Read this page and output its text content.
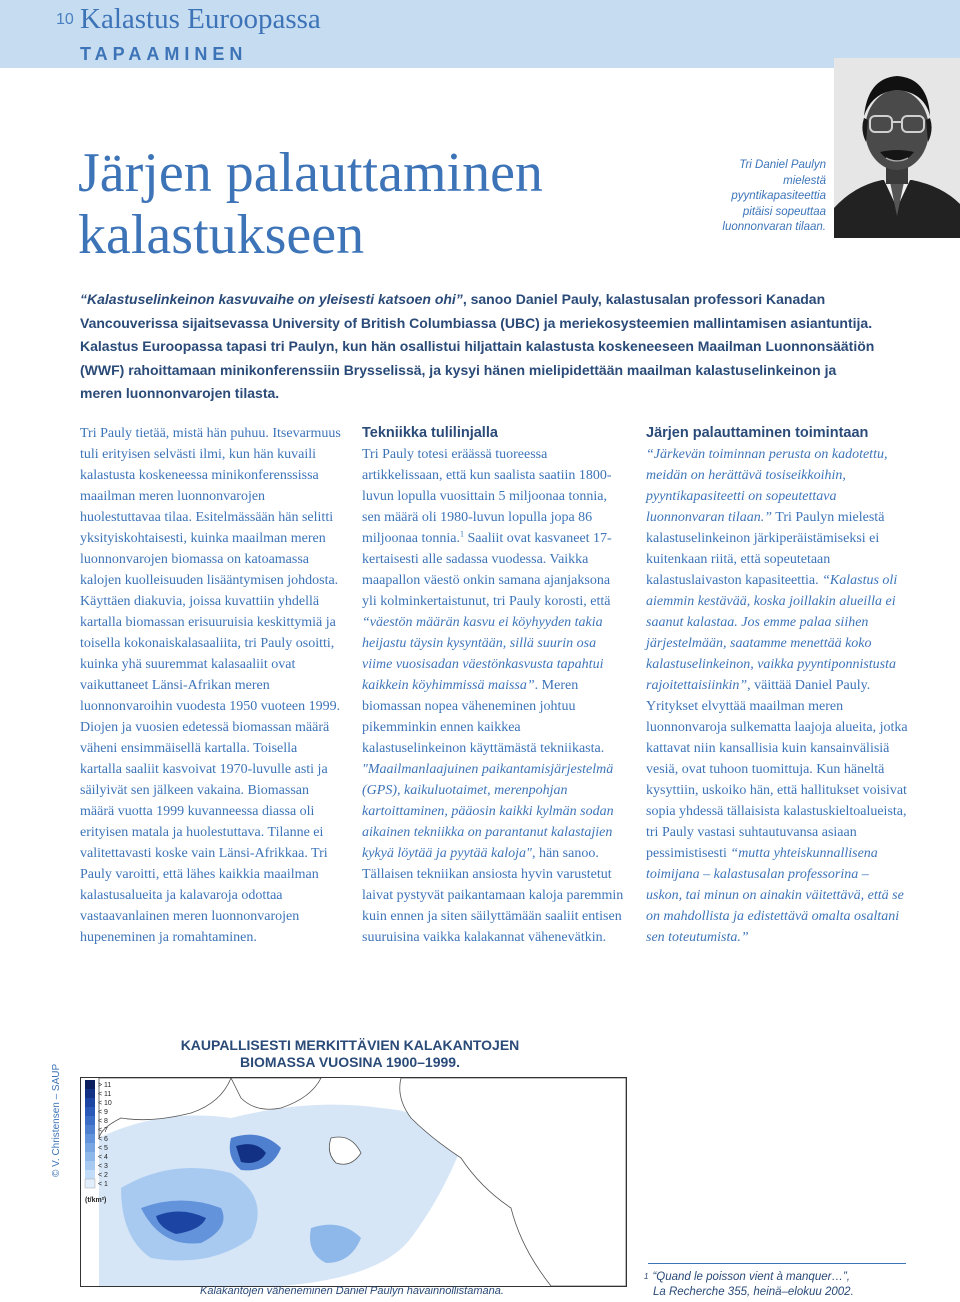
10 Kalastus Euroopassa
TAPAAMINEN
Järjen palauttaminen
kalastukseen
Tri Daniel Paulyn
mielestä
pyyntikapasiteettia
pitäisi sopeuttaa
luonnonvaran tilaan.
“Kalastuselinkeinon kasvuvaihe on yleisesti katsoen ohi”, sanoo Daniel Pauly, kalastusalan professori Kanadan Vancouverissa sijaitsevassa University of British Columbiassa (UBC) ja meriekosysteemien mallintamisen asiantuntija. Kalastus Euroopassa tapasi tri Paulyn, kun hän osallistui hiljattain kalastusta koskeneeseen Maailman Luonnonsäätiön (WWF) rahoittamaan minikonferenssiin Brysselissä, ja kysyi hänen mielipidettään maailman kalastuselinkeinon ja meren luonnonvarojen tilasta.

Tri Pauly tietää, mistä hän puhuu. Itsevarmuus tuli erityisen selvästi ilmi, kun hän kuvaili kalastusta koskeneessa minikonferenssissa maailman meren luonnonvarojen huolestuttavaa tilaa. Esitelmässään hän selitti yksityiskohtaisesti, kuinka maailman meren luonnonvarojen biomassa on katoamassa kalojen kuolleisuuden lisääntymisen johdosta. Käyttäen diakuvia, joissa kuvattiin yhdellä kartalla biomassan erisuuruisia keskittymiä ja toisella kokonaiskalasaaliita, tri Pauly osoitti, kuinka yhä suuremmat kalasaaliit ovat vaikuttaneet Länsi-Afrikan meren luonnonvaroihin vuodesta 1950 vuoteen 1999. Diojen ja vuosien edetessä biomassan määrä väheni ensimmäisellä kartalla. Toisella kartalla saaliit kasvoivat 1970-luvulle asti ja säilyivät sen jälkeen vakaina. Biomassan määrä vuotta 1999 kuvanneessa diassa oli erityisen matala ja huolestuttava. Tilanne ei valitettavasti koske vain Länsi-Afrikkaa. Tri Pauly varoitti, että lähes kaikkia maailman kalastusalueita ja kalavaroja odottaa vastaavanlainen meren luonnonvarojen hupeneminen ja romahtaminen.

Tekniikka tulilinjalla

Tri Pauly totesi eräässä tuoreessa artikkelissaan, että kun saalista saatiin 1800-luvun lopulla vuosittain 5 miljoonaa tonnia, sen määrä oli 1980-luvun lopulla jopa 86 miljoonaa tonnia.$^1$ Saaliit ovat kasvaneet 17-kertaisesti alle sadassa vuodessa. Vaikka maapallon väestö onkin samana ajanjaksona yli kolminkertaistunut, tri Pauly korosti, että “väestön määrän kasvu ei köyhyyden takia heijastu täysin kysyntään, sillä suurin osa viime vuosisadan väestönkasvusta tapahtui kaikkein köyhimmissä maissa”. Meren biomassan nopea väheneminen johtuu pikemminkin ennen kaikkea kalastuselinkeinon käyttämästä tekniikasta. "Maailmanlaajuinen paikantamisjärjestelmä (GPS), kaikuluotaimet, merenpohjan kartoittaminen, pääosin kaikki kylmän sodan aikainen tekniikka on parantanut kalastajien kykyä löytää ja pyytää kaloja", hän sanoo. Tällaisen tekniikan ansiosta hyvin varustetut laivat pystyvät paikantamaan kaloja paremmin kuin ennen ja siten säilyttämään saaliit entisen suuruisina vaikka kalakannat vähenevätkin.

Järjen palauttaminen toimintaan

“Järkevän toiminnan perusta on kadotettu, meidän on herättävä tosiseikkoihin, pyyntikapasiteetti on sopeutettava luonnonvaran tilaan.” Tri Paulyn mielestä kalastuselinkeinon järkiperäistämiseksi ei kuitenkaan riitä, että sopeutetaan kalastuslaivaston kapasiteettia. “Kalastus oli aiemmin kestävää, koska joillakin alueilla ei saanut kalastaa. Jos emme palaa siihen järjestelmään, saatamme menettää koko kalastuselinkeinon, vaikka pyyntiponnistusta rajoitettaisiinkin”, väittää Daniel Pauly. Yritykset elvyttää maailman meren luonnonvaroja sulkematta laajoja alueita, jotka kattavat niin kansallisia kuin kansainvälisiä vesiä, ovat tuhoon tuomittuja. Kun häneltä kysyttiin, uskoiko hän, että hallitukset voisivat sopia yhdessä tällaisista kalastuskieltoalueista, tri Pauly vastasi suhtautuvansa asiaan pessimistisesti “mutta yhteiskunnallisena toimijana – kalastusalan professorina – uskon, tai minun on ainakin väitettävä, että se on mahdollista ja edistettävä omalta osaltani sen toteutumista.”

KAUPALLISESTI MERKITTÄVIEN KALAKANTOJEN
BIOMASSA VUOSINA 1900–1999.
© V. Christensen – SAUP	> 11
< 11
< 10
< 9
< 8
< 7
< 6
< 5
< 4
< 3
< 2
< 1
(t/km²)
Kalakantojen väheneminen Daniel Paulyn havainnollistamana.
$^1$ “Quand le poisson vient à manquer…”,
La Recherche 355, heinä–elokuu 2002.
